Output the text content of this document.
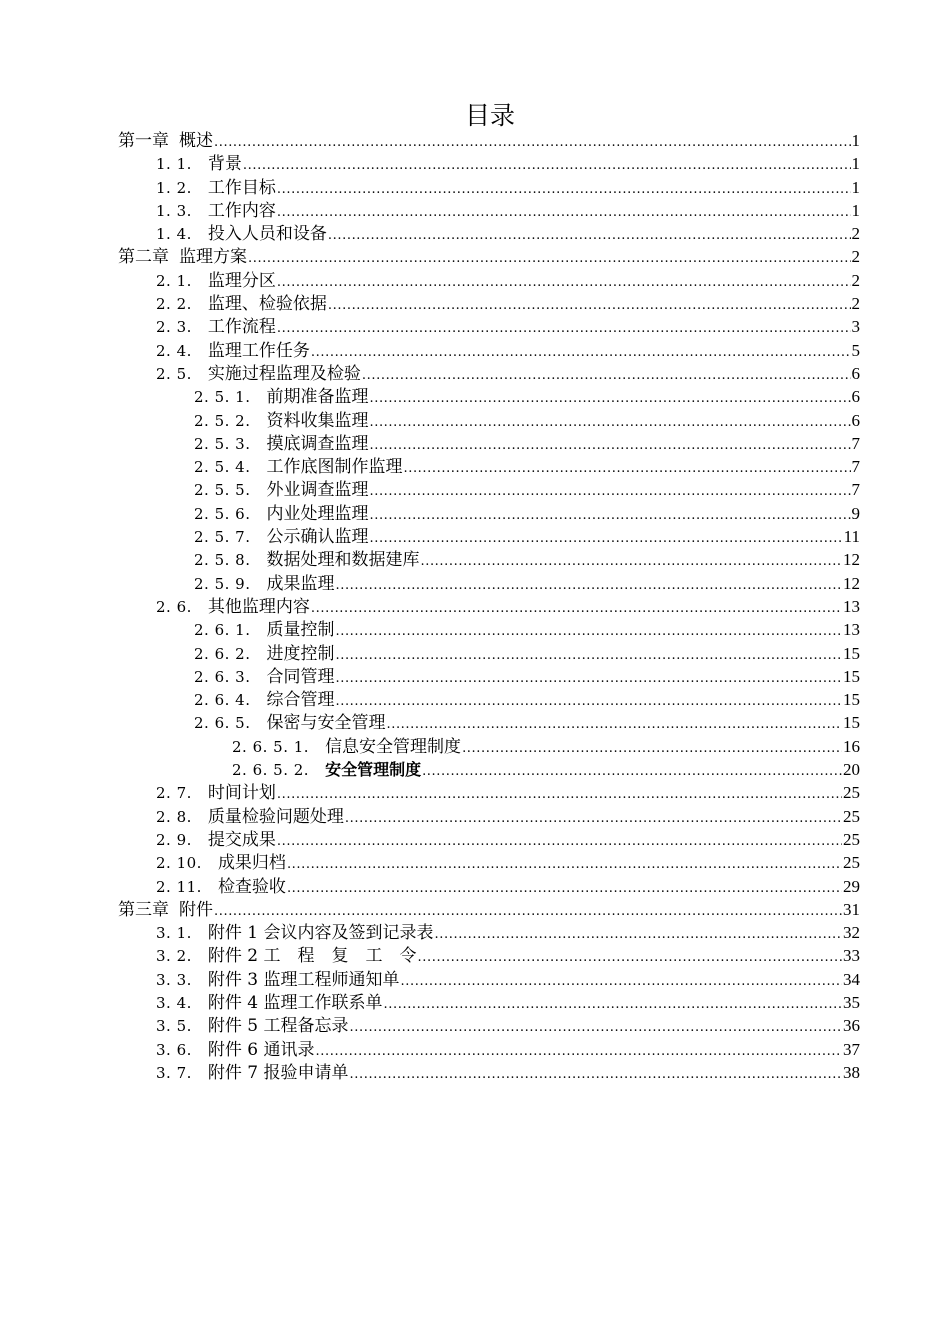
目录
第一章 概述 .....	1
1. 1. 背景 .....	1
1. 2. 工作目标 .....	1
1. 3. 工作内容 .....	1
1. 4. 投入人员和设备 .....	2
第二章 监理方案 .....	2
2. 1. 监理分区 .....	2
2. 2. 监理、检验依据 .....	2
2. 3. 工作流程 .....	3
2. 4. 监理工作任务 .....	5
2. 5. 实施过程监理及检验 .....	6
2. 5. 1. 前期准备监理 .....	6
2. 5. 2. 资料收集监理 .....	6
2. 5. 3. 摸底调查监理 .....	7
2. 5. 4. 工作底图制作监理 .....	7
2. 5. 5. 外业调查监理 .....	7
2. 5. 6. 内业处理监理 .....	9
2. 5. 7. 公示确认监理 .....	11
2. 5. 8. 数据处理和数据建库 .....	12
2. 5. 9. 成果监理 .....	12
2. 6. 其他监理内容 .....	13
2. 6. 1. 质量控制 .....	13
2. 6. 2. 进度控制 .....	15
2. 6. 3. 合同管理 .....	15
2. 6. 4. 综合管理 .....	15
2. 6. 5. 保密与安全管理 .....	15
2. 6. 5. 1. 信息安全管理制度 .....	16
2. 6. 5. 2. 安全管理制度 .....	20
2. 7. 时间计划 .....	25
2. 8. 质量检验问题处理 .....	25
2. 9. 提交成果 .....	25
2. 10. 成果归档 .....	25
2. 11. 检查验收 .....	29
第三章 附件 .....	31
3. 1. 附件 1 会议内容及签到记录表 .....	32
3. 2. 附件 2 工　程　复　工　令 .....	33
3. 3. 附件 3 监理工程师通知单 .....	34
3. 4. 附件 4 监理工作联系单 .....	35
3. 5. 附件 5 工程备忘录 .....	36
3. 6. 附件 6 通讯录 .....	37
3. 7. 附件 7 报验申请单 .....	38
